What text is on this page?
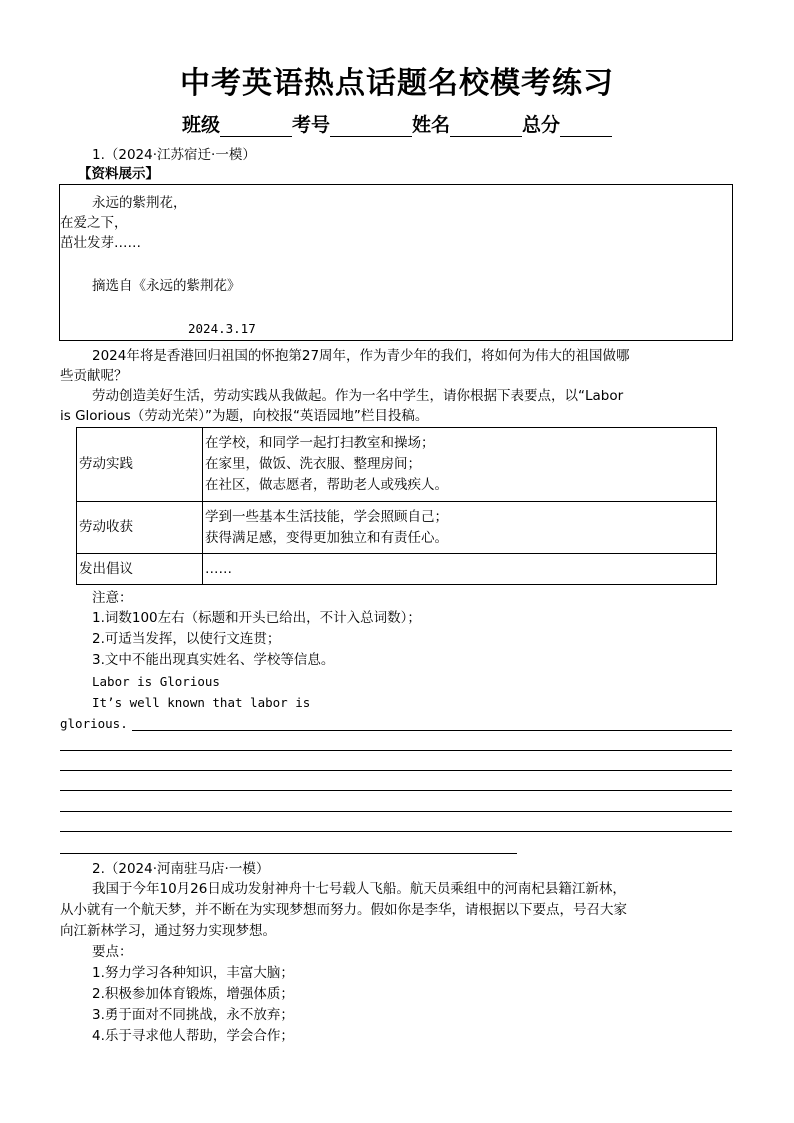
中考英语热点话题名校模考练习
班级	考号	姓名	总分
1.（2024·江苏宿迁·一模）
【资料展示】
永远的紫荆花，
在爱之下，
茁壮发芽……
摘选自《永远的紫荆花》
2024.3.17
2024年将是香港回归祖国的怀抱第27周年，作为青少年的我们，将如何为伟大的祖国做哪
些贡献呢？
劳动创造美好生活，劳动实践从我做起。作为一名中学生，请你根据下表要点，以“Labor
is Glorious（劳动光荣）”为题，向校报“英语园地”栏目投稿。
劳动实践	在学校，和同学一起打扫教室和操场；
在家里，做饭、洗衣服、整理房间；
在社区，做志愿者，帮助老人或残疾人。

劳动收获	学到一些基本生活技能，学会照顾自己；
获得满足感，变得更加独立和有责任心。

发出倡议	……
注意：
1.词数100左右（标题和开头已给出，不计入总词数）；
2.可适当发挥，以使行文连贯；
3.文中不能出现真实姓名、学校等信息。
Labor is Glorious
It’s well known that labor is
glorious.
2.（2024·河南驻马店·一模）
我国于今年10月26日成功发射神舟十七号载人飞船。航天员乘组中的河南杞县籍江新林，
从小就有一个航天梦，并不断在为实现梦想而努力。假如你是李华，请根据以下要点，号召大家
向江新林学习，通过努力实现梦想。
要点：
1.努力学习各种知识，丰富大脑；
2.积极参加体育锻炼，增强体质；
3.勇于面对不同挑战，永不放弃；
4.乐于寻求他人帮助，学会合作；
